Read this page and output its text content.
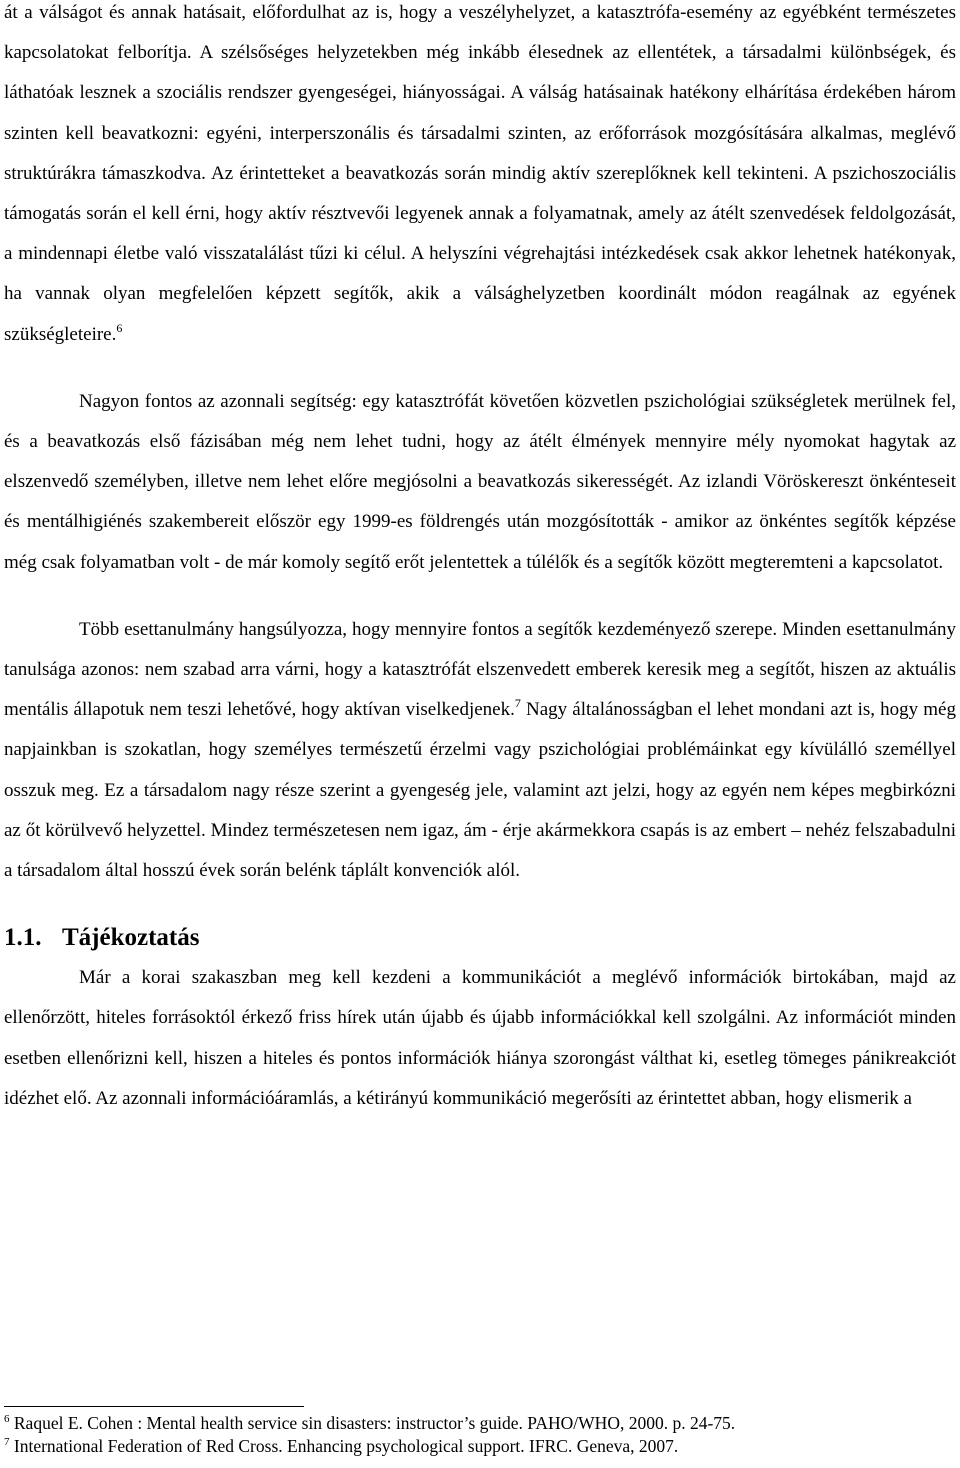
át a válságot és annak hatásait, előfordulhat az is, hogy a veszélyhelyzet, a katasztrófa-esemény az egyébként természetes kapcsolatokat felborítja. A szélsőséges helyzetekben még inkább élesednek az ellentétek, a társadalmi különbségek, és láthatóak lesznek a szociális rendszer gyengeségei, hiányosságai. A válság hatásainak hatékony elhárítása érdekében három szinten kell beavatkozni: egyéni, interperszonális és társadalmi szinten, az erőforrások mozgósítására alkalmas, meglévő struktúrákra támaszkodva. Az érintetteket a beavatkozás során mindig aktív szereplőknek kell tekinteni. A pszichoszociális támogatás során el kell érni, hogy aktív résztvevői legyenek annak a folyamatnak, amely az átélt szenvedések feldolgozását, a mindennapi életbe való visszatalálást tűzi ki célul. A helyszíni végrehajtási intézkedések csak akkor lehetnek hatékonyak, ha vannak olyan megfelelően képzett segítők, akik a válsághelyzetben koordinált módon reagálnak az egyének szükségleteire.$^6$

Nagyon fontos az azonnali segítség: egy katasztrófát követően közvetlen pszichológiai szükségletek merülnek fel, és a beavatkozás első fázisában még nem lehet tudni, hogy az átélt élmények mennyire mély nyomokat hagytak az elszenvedő személyben, illetve nem lehet előre megjósolni a beavatkozás sikerességét. Az izlandi Vöröskereszt önkénteseit és mentálhigiénés szakembereit először egy 1999-es földrengés után mozgósították - amikor az önkéntes segítők képzése még csak folyamatban volt - de már komoly segítő erőt jelentettek a túlélők és a segítők között megteremteni a kapcsolatot.

Több esettanulmány hangsúlyozza, hogy mennyire fontos a segítők kezdeményező szerepe. Minden esettanulmány tanulsága azonos: nem szabad arra várni, hogy a katasztrófát elszenvedett emberek keresik meg a segítőt, hiszen az aktuális mentális állapotuk nem teszi lehetővé, hogy aktívan viselkedjenek.$^7$ Nagy általánosságban el lehet mondani azt is, hogy még napjainkban is szokatlan, hogy személyes természetű érzelmi vagy pszichológiai problémáinkat egy kívülálló személlyel osszuk meg. Ez a társadalom nagy része szerint a gyengeség jele, valamint azt jelzi, hogy az egyén nem képes megbirkózni az őt körülvevő helyzettel. Mindez természetesen nem igaz, ám - érje akármekkora csapás is az embert – nehéz felszabadulni a társadalom által hosszú évek során belénk táplált konvenciók alól.

1.1. Tájékoztatás

Már a korai szakaszban meg kell kezdeni a kommunikációt a meglévő információk birtokában, majd az ellenőrzött, hiteles forrásoktól érkező friss hírek után újabb és újabb információkkal kell szolgálni. Az információt minden esetben ellenőrizni kell, hiszen a hiteles és pontos információk hiánya szorongást válthat ki, esetleg tömeges pánikreakciót idézhet elő. Az azonnali információáramlás, a kétirányú kommunikáció megerősíti az érintettet abban, hogy elismerik a

$^6$ Raquel E. Cohen : Mental health service sin disasters: instructor’s guide. PAHO/WHO, 2000. p. 24-75.

$^7$ International Federation of Red Cross. Enhancing psychological support. IFRC. Geneva, 2007.
